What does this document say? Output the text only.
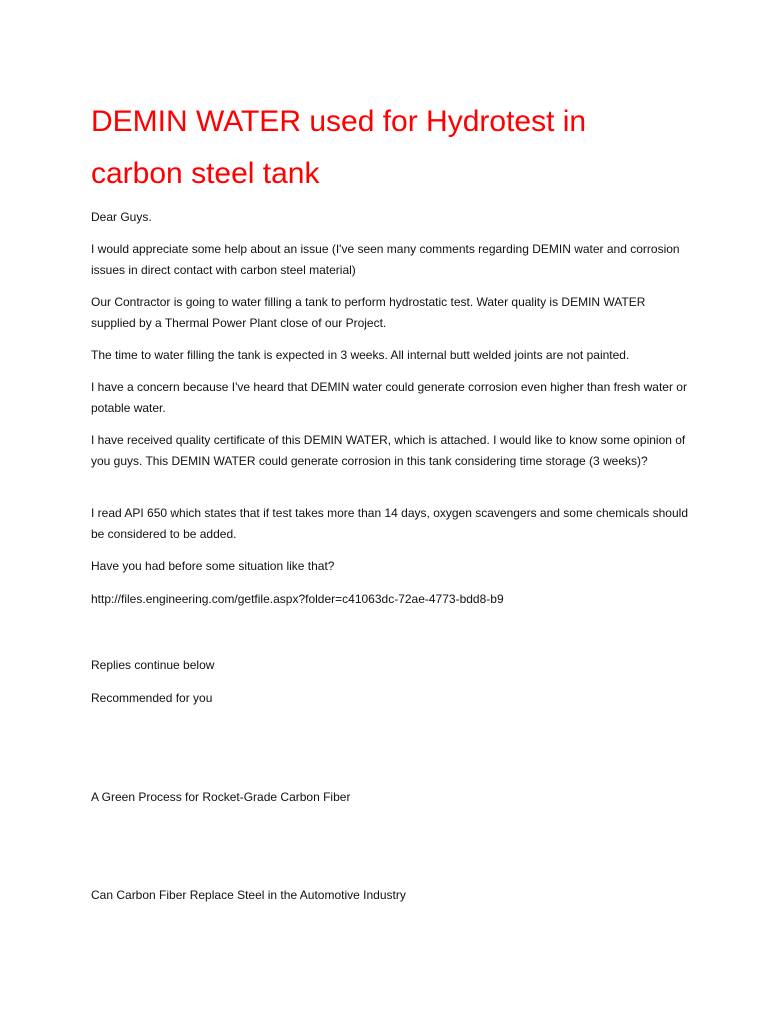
DEMIN WATER used for Hydrotest in
carbon steel tank

Dear Guys.

I would appreciate some help about an issue (I've seen many comments regarding DEMIN water and corrosion issues in direct contact with carbon steel material)

Our Contractor is going to water filling a tank to perform hydrostatic test. Water quality is DEMIN WATER supplied by a Thermal Power Plant close of our Project.

The time to water filling the tank is expected in 3 weeks. All internal butt welded joints are not painted.

I have a concern because I've heard that DEMIN water could generate corrosion even higher than fresh water or potable water.

I have received quality certificate of this DEMIN WATER, which is attached. I would like to know some opinion of you guys. This DEMIN WATER could generate corrosion in this tank considering time storage (3 weeks)?

I read API 650 which states that if test takes more than 14 days, oxygen scavengers and some chemicals should be considered to be added.

Have you had before some situation like that?

http://files.engineering.com/getfile.aspx?folder=c41063dc-72ae-4773-bdd8-b9

Replies continue below

Recommended for you

A Green Process for Rocket-Grade Carbon Fiber

Can Carbon Fiber Replace Steel in the Automotive Industry
